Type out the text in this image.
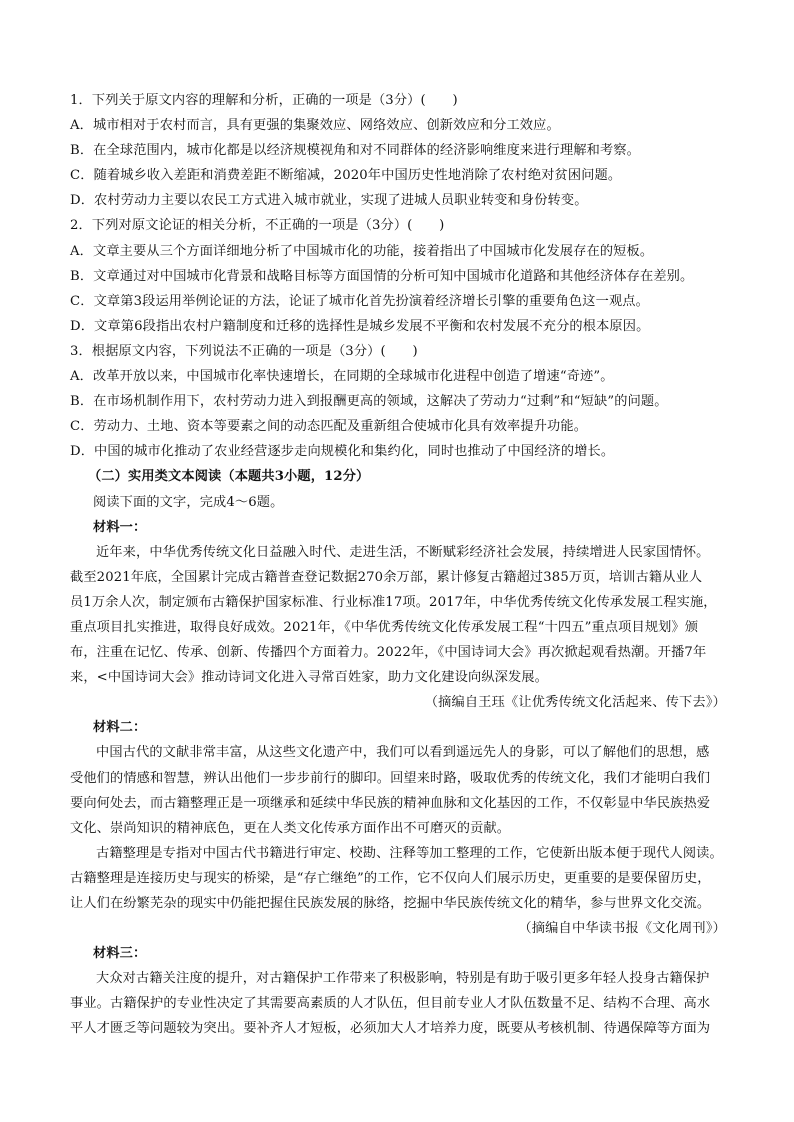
1．下列关于原文内容的理解和分析，正确的一项是（3分）(　　)
A．城市相对于农村而言，具有更强的集聚效应、网络效应、创新效应和分工效应。
B．在全球范围内，城市化都是以经济规模视角和对不同群体的经济影响维度来进行理解和考察。
C．随着城乡收入差距和消费差距不断缩减，2020年中国历史性地消除了农村绝对贫困问题。
D．农村劳动力主要以农民工方式进入城市就业，实现了进城人员职业转变和身份转变。
2．下列对原文论证的相关分析，不正确的一项是（3分）(　　)
A．文章主要从三个方面详细地分析了中国城市化的功能，接着指出了中国城市化发展存在的短板。
B．文章通过对中国城市化背景和战略目标等方面国情的分析可知中国城市化道路和其他经济体存在差别。
C．文章第3段运用举例论证的方法，论证了城市化首先扮演着经济增长引擎的重要角色这一观点。
D．文章第6段指出农村户籍制度和迁移的选择性是城乡发展不平衡和农村发展不充分的根本原因。
3．根据原文内容，下列说法不正确的一项是（3分）(　　)
A．改革开放以来，中国城市化率快速增长，在同期的全球城市化进程中创造了增速“奇迹”。
B．在市场机制作用下，农村劳动力进入到报酬更高的领域，这解决了劳动力“过剩”和“短缺”的问题。
C．劳动力、土地、资本等要素之间的动态匹配及重新组合使城市化具有效率提升功能。
D．中国的城市化推动了农业经营逐步走向规模化和集约化，同时也推动了中国经济的增长。
（二）实用类文本阅读（本题共3小题，12分）
阅读下面的文字，完成4～6题。
材料一：
近年来，中华优秀传统文化日益融入时代、走进生活，不断赋彩经济社会发展，持续增进人民家国情怀。
截至2021年底，全国累计完成古籍普查登记数据270余万部，累计修复古籍超过385万页，培训古籍从业人
员1万余人次，制定颁布古籍保护国家标准、行业标准17项。2017年，中华优秀传统文化传承发展工程实施，
重点项目扎实推进，取得良好成效。2021年，《中华优秀传统文化传承发展工程“十四五”重点项目规划》颁
布，注重在记忆、传承、创新、传播四个方面着力。2022年，《中国诗词大会》再次掀起观看热潮。开播7年
来，<中国诗词大会》推动诗词文化进入寻常百姓家，助力文化建设向纵深发展。
（摘编自王珏《让优秀传统文化活起来、传下去》）
材料二：
中国古代的文献非常丰富，从这些文化遗产中，我们可以看到遥远先人的身影，可以了解他们的思想，感
受他们的情感和智慧，辨认出他们一步步前行的脚印。回望来时路，吸取优秀的传统文化，我们才能明白我们
要向何处去，而古籍整理正是一项继承和延续中华民族的精神血脉和文化基因的工作，不仅彰显中华民族热爱
文化、崇尚知识的精神底色，更在人类文化传承方面作出不可磨灭的贡献。
古籍整理是专指对中国古代书籍进行审定、校勘、注释等加工整理的工作，它使新出版本便于现代人阅读。
古籍整理是连接历史与现实的桥梁，是“存亡继绝”的工作，它不仅向人们展示历史，更重要的是要保留历史，
让人们在纷繁芜杂的现实中仍能把握住民族发展的脉络，挖掘中华民族传统文化的精华，参与世界文化交流。
（摘编自中华读书报《文化周刊》）
材料三：
大众对古籍关注度的提升，对古籍保护工作带来了积极影响，特别是有助于吸引更多年轻人投身古籍保护
事业。古籍保护的专业性决定了其需要高素质的人才队伍，但目前专业人才队伍数量不足、结构不合理、高水
平人才匮乏等问题较为突出。要补齐人才短板，必须加大人才培养力度，既要从考核机制、待遇保障等方面为
